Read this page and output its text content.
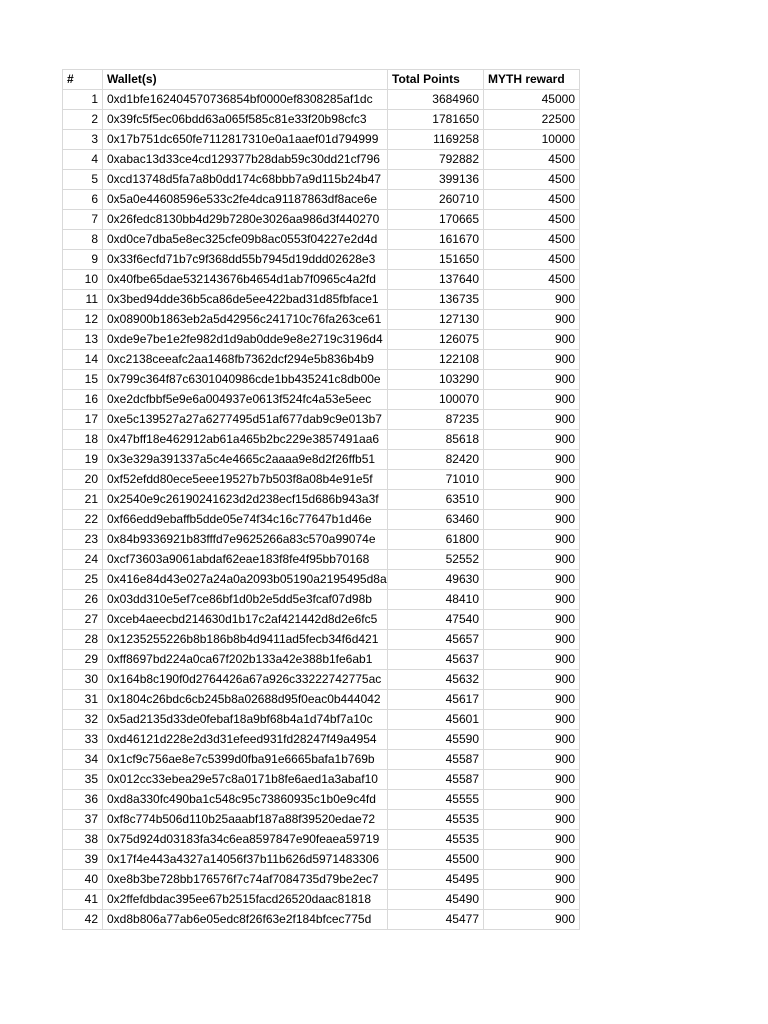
#	Wallet(s)	Total Points	MYTH reward
1	0xd1bfe162404570736854bf0000ef8308285af1dc	3684960	45000
2	0x39fc5f5ec06bdd63a065f585c81e33f20b98cfc3	1781650	22500
3	0x17b751dc650fe7112817310e0a1aaef01d794999	1169258	10000
4	0xabac13d33ce4cd129377b28dab59c30dd21cf796	792882	4500
5	0xcd13748d5fa7a8b0dd174c68bbb7a9d115b24b47	399136	4500
6	0x5a0e44608596e533c2fe4dca91187863df8ace6e	260710	4500
7	0x26fedc8130bb4d29b7280e3026aa986d3f440270	170665	4500
8	0xd0ce7dba5e8ec325cfe09b8ac0553f04227e2d4d	161670	4500
9	0x33f6ecfd71b7c9f368dd55b7945d19ddd02628e3	151650	4500
10	0x40fbe65dae532143676b4654d1ab7f0965c4a2fd	137640	4500
11	0x3bed94dde36b5ca86de5ee422bad31d85fbface1	136735	900
12	0x08900b1863eb2a5d42956c241710c76fa263ce61	127130	900
13	0xde9e7be1e2fe982d1d9ab0dde9e8e2719c3196d4	126075	900
14	0xc2138ceeafc2aa1468fb7362dcf294e5b836b4b9	122108	900
15	0x799c364f87c6301040986cde1bb435241c8db00e	103290	900
16	0xe2dcfbbf5e9e6a004937e0613f524fc4a53e5eec	100070	900
17	0xe5c139527a27a6277495d51af677dab9c9e013b7	87235	900
18	0x47bff18e462912ab61a465b2bc229e3857491aa6	85618	900
19	0x3e329a391337a5c4e4665c2aaaa9e8d2f26ffb51	82420	900
20	0xf52efdd80ece5eee19527b7b503f8a08b4e91e5f	71010	900
21	0x2540e9c26190241623d2d238ecf15d686b943a3f	63510	900
22	0xf66edd9ebaffb5dde05e74f34c16c77647b1d46e	63460	900
23	0x84b9336921b83fffd7e9625266a83c570a99074e	61800	900
24	0xcf73603a9061abdaf62eae183f8fe4f95bb70168	52552	900
25	0x416e84d43e027a24a0a2093b05190a2195495d8a	49630	900
26	0x03dd310e5ef7ce86bf1d0b2e5dd5e3fcaf07d98b	48410	900
27	0xceb4aeecbd214630d1b17c2af421442d8d2e6fc5	47540	900
28	0x1235255226b8b186b8b4d9411ad5fecb34f6d421	45657	900
29	0xff8697bd224a0ca67f202b133a42e388b1fe6ab1	45637	900
30	0x164b8c190f0d2764426a67a926c33222742775ac	45632	900
31	0x1804c26bdc6cb245b8a02688d95f0eac0b444042	45617	900
32	0x5ad2135d33de0febaf18a9bf68b4a1d74bf7a10c	45601	900
33	0xd46121d228e2d3d31efeed931fd28247f49a4954	45590	900
34	0x1cf9c756ae8e7c5399d0fba91e6665bafa1b769b	45587	900
35	0x012cc33ebea29e57c8a0171b8fe6aed1a3abaf10	45587	900
36	0xd8a330fc490ba1c548c95c73860935c1b0e9c4fd	45555	900
37	0xf8c774b506d110b25aaabf187a88f39520edae72	45535	900
38	0x75d924d03183fa34c6ea8597847e90feaea59719	45535	900
39	0x17f4e443a4327a14056f37b11b626d5971483306	45500	900
40	0xe8b3be728bb176576f7c74af7084735d79be2ec7	45495	900
41	0x2ffefdbdac395ee67b2515facd26520daac81818	45490	900
42	0xd8b806a77ab6e05edc8f26f63e2f184bfcec775d	45477	900
